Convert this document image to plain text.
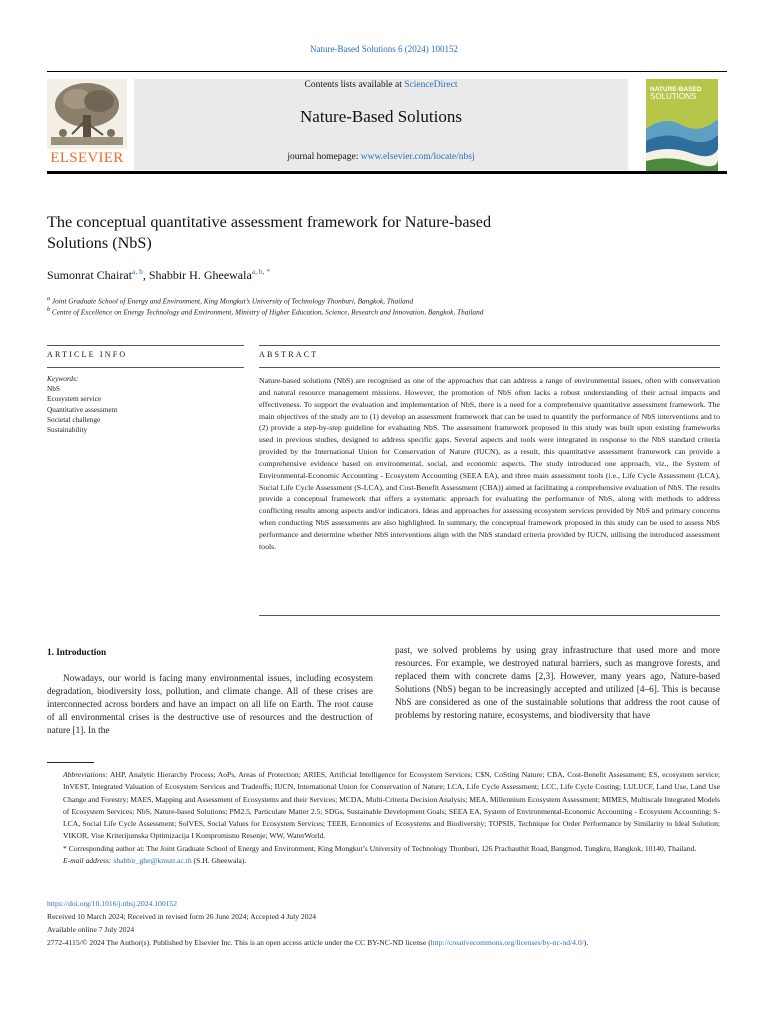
Nature-Based Solutions 6 (2024) 100152
ELSEVIER
Contents lists available at ScienceDirect
Nature-Based Solutions
journal homepage: www.elsevier.com/locate/nbsj
NATURE-BASED
SOLUTIONS
The conceptual quantitative assessment framework for Nature-based
Solutions (NbS)
Sumonrat Chairat$^{a, b}$, Shabbir H. Gheewala$^{a, b, *}$
$^a$ Joint Graduate School of Energy and Environment, King Mongkut’s University of Technology Thonburi, Bangkok, Thailand
$^b$ Centre of Excellence on Energy Technology and Environment, Ministry of Higher Education, Science, Research and Innovation, Bangkok, Thailand
ARTICLE INFO	ABSTRACT
Keywords:
NbS
Ecosystem service
Quantitative assessment
Societal challenge
Sustainability
Nature-based solutions (NbS) are recognised as one of the approaches that can address a range of environmental issues, often with conservation and natural resource management missions. However, the promotion of NbS often lacks a robust understanding of their actual impacts and effectiveness. To support the evaluation and implementation of NbS, there is a need for a comprehensive quantitative assessment framework. The main objectives of the study are to (1) develop an assessment framework that can be used to quantify the performance of NbS interventions and to (2) provide a step-by-step guideline for evaluating NbS. The assessment framework proposed in this study was built upon existing frameworks used in previous studies, designed to address specific gaps. Several aspects and tools were integrated in response to the NbS standard criteria provided by the International Union for Conservation of Nature (IUCN), as a result, this quantitative assessment framework can provide a comprehensive evidence based on environmental, social, and economic aspects. The study introduced one approach, viz., the System of Environmental-Economic Accounting - Ecosystem Accounting (SEEA EA), and three main assessment tools (i.e., Life Cycle Assessment (LCA), Social Life Cycle Assessment (S-LCA), and Cost-Benefit Assessment (CBA)) aimed at facilitating a comprehensive evaluation of NbS. The results provide a conceptual framework that offers a systematic approach for evaluating the performance of NbS, along with methods to address conflicting results among aspects and/or indicators. Ideas and approaches for assessing ecosystem services provided by NbS and primary concerns when conducting NbS assessments are also highlighted. In summary, the conceptual framework proposed in this study can be used to assess NbS performance and determine whether NbS interventions align with the NbS standard criteria provided by IUCN, utilising the introduced assessment tools.
1. Introduction
Nowadays, our world is facing many environmental issues, including ecosystem degradation, biodiversity loss, pollution, and climate change. All of these crises are interconnected across borders and have an impact on all life on Earth. The root cause of all environmental crises is the destructive use of resources and the destruction of nature [1]. In the
past, we solved problems by using gray infrastructure that used more and more resources. For example, we destroyed natural barriers, such as mangrove forests, and replaced them with concrete dams [2,3]. However, many years ago, Nature-based Solutions (NbS) began to be increasingly accepted and utilized [4–6]. This is because NbS are considered as one of the sustainable solutions that address the root cause of problems by restoring nature, ecosystems, and biodiversity that have
Abbreviations: AHP, Analytic Hierarchy Process; AoPs, Areas of Protection; ARIES, Artificial Intelligence for Ecosystem Services; C$N, CoSting Nature; CBA, Cost-Benefit Assessment; ES, ecosystem service; InVEST, Integrated Valuation of Ecosystem Services and Tradeoffs; IUCN, International Union for Conservation of Nature; LCA, Life Cycle Assessment; LCC, Life Cycle Costing; LULUCF, Land Use, Land Use Change and Forestry; MAES, Mapping and Assessment of Ecosystems and their Services; MCDA, Multi-Criteria Decision Analysis; MEA, Millennium Ecosystem Assessment; MIMES, Multiscale Integrated Models of Ecosystem Services; NbS, Nature-based Solutions; PM2.5, Particulate Matter 2.5; SDGs, Sustainable Development Goals; SEEA EA, System of Environmental-Economic Accounting - Ecosystem Accounting; S-LCA, Social Life Cycle Assessment; SolVES, Social Values for Ecosystem Services; TEEB, Economics of Ecosystems and Biodiversity; TOPSIS, Technique for Order Performance by Similarity to Ideal Solution; VIKOR, Vise Kriterijumska Optimizacija I Kompromisno Resenje; WW, WaterWorld.
* Corresponding author at: The Joint Graduate School of Energy and Environment, King Mongkut’s University of Technology Thonburi, 126 Prachauthit Road, Bangmod, Tungkru, Bangkok, 10140, Thailand.
E-mail address: shabbir_ghe@kmutt.ac.th (S.H. Gheewala).
https://doi.org/10.1016/j.nbsj.2024.100152
Received 10 March 2024; Received in revised form 26 June 2024; Accepted 4 July 2024
Available online 7 July 2024
2772-4115/© 2024 The Author(s). Published by Elsevier Inc. This is an open access article under the CC BY-NC-ND license (http://creativecommons.org/licenses/by-nc-nd/4.0/).
